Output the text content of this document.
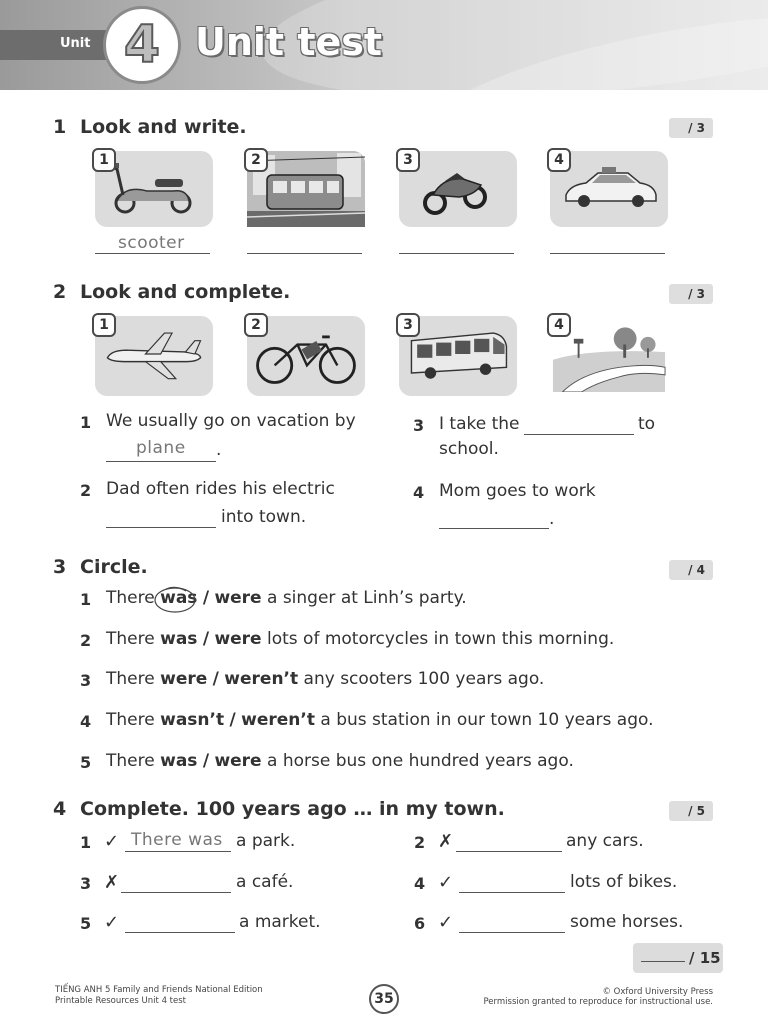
Unit 4 Unit test
1 Look and write.	/ 3
1
scooter
2	3	4
2 Look and complete.	/ 3
1	2	3	4
1 We usually go on vacation by
plane .
2 Dad often rides his electric
into town.
3 I take the	to
school.
4 Mom goes to work
.
3 Circle.	/ 4
1 There was / were a singer at Linh’s party.
2 There was / were lots of motorcycles in town this morning.
3 There were / weren’t any scooters 100 years ago.
4 There wasn’t / weren’t a bus station in our town 10 years ago.
5 There was / were a horse bus one hundred years ago.
4 Complete. 100 years ago … in my town.	/ 5
1 ✓ There was a park.	2 ✗	any cars.
3 ✗	a café.	4 ✓	lots of bikes.
5 ✓	a market.	6 ✓	some horses.
/ 15
TIẾNG ANH 5 Family and Friends National Edition
Printable Resources Unit 4 test	35	© Oxford University Press
Permission granted to reproduce for instructional use.
